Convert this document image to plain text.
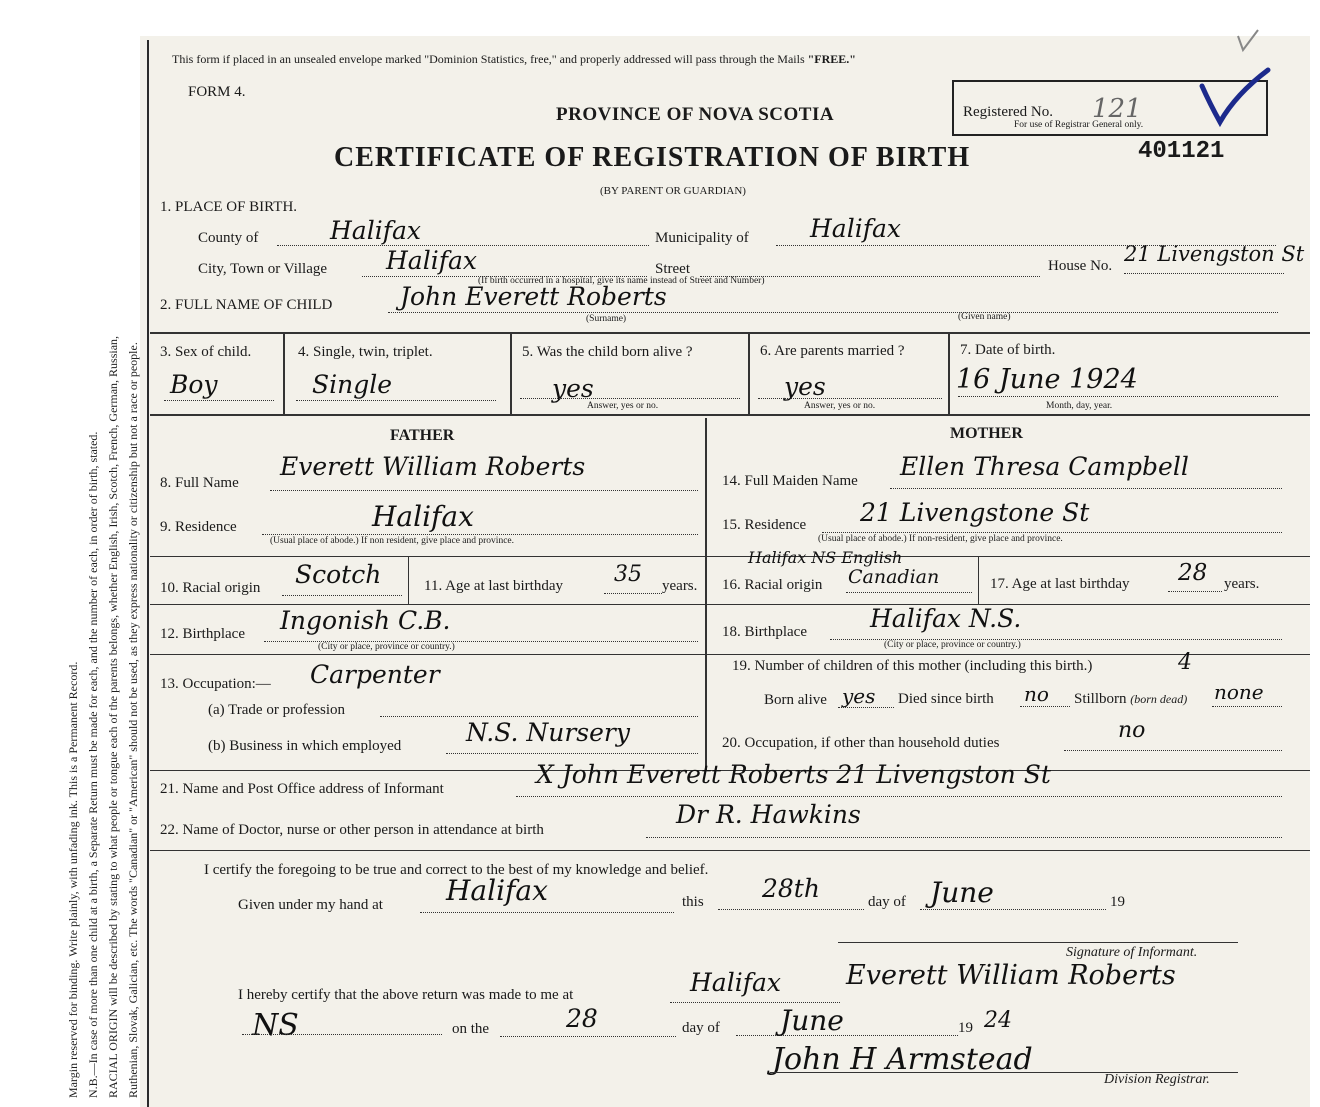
Margin reserved for binding. Write plainly, with unfading ink. This is a Permanent Record. N.B.—In case of more than one child at a birth, a Separate Return must be made for each, and the number of each, in order of birth, stated. RACIAL ORIGIN will be described by stating to what people or tongue each of the parents belongs, whether English, Irish, Scotch, French, German, Russian, Ruthenian, Slovak, Galician, etc. The words "Canadian" or "American" should not be used, as they express nationality or citizenship but not a race or people.
This form if placed in an unsealed envelope marked "Dominion Statistics, free," and properly addressed will pass through the Mails "FREE."
FORM 4.
PROVINCE OF NOVA SCOTIA
CERTIFICATE OF REGISTRATION OF BIRTH
(BY PARENT OR GUARDIAN)
Registered No. 121
For use of Registrar General only.
401121
1. PLACE OF BIRTH.
County of	Halifax	Municipality of Halifax
City, Town or Village Halifax	Street
(If birth occurred in a hospital, give its name instead of Street and Number)
House No. 21 Livengston St
2. FULL NAME OF CHILD	John Everett Roberts
(Surname)	(Given name)
3. Sex of child.
Boy
4. Single, twin, triplet.
Single
5. Was the child born alive ?
yes
Answer, yes or no.
6. Are parents married ?
yes
Answer, yes or no.
7. Date of birth.
16 June 1924
Month, day, year.
FATHER	MOTHER
8. Full Name
Everett William Roberts
9. Residence	Halifax
(Usual place of abode.) If non resident, give place and province.
10. Racial origin Scotch	11. Age at last birthday 35 years.
12. Birthplace Ingonish C.B.
(City or place, province or country.)
13. Occupation:— Carpenter
(a) Trade or profession
(b) Business in which employed	N.S. Nursery
14. Full Maiden Name Ellen Thresa Campbell
15. Residence 21 Livengstone St
(Usual place of abode.) If non-resident, give place and province.
Halifax NS English
16. Racial origin Canadian	17. Age at last birthday 28 years.
18. Birthplace	Halifax N.S.
(City or place, province or country.)
19. Number of children of this mother (including this birth.)	4
Born alive yes Died since birth no Stillborn (born dead) none
20. Occupation, if other than household duties	no
21. Name and Post Office address of Informant	X John Everett Roberts 21 Livengston St
22. Name of Doctor, nurse or other person in attendance at birth
Dr R. Hawkins
I certify the foregoing to be true and correct to the best of my knowledge and belief.
Given under my hand at Halifax	this 28th	day of June	19
Signature of Informant.
Everett William Roberts
I hereby certify that the above return was made to me at	Halifax
NS	on the	28	day of June	19 24
John H Armstead
Division Registrar.
